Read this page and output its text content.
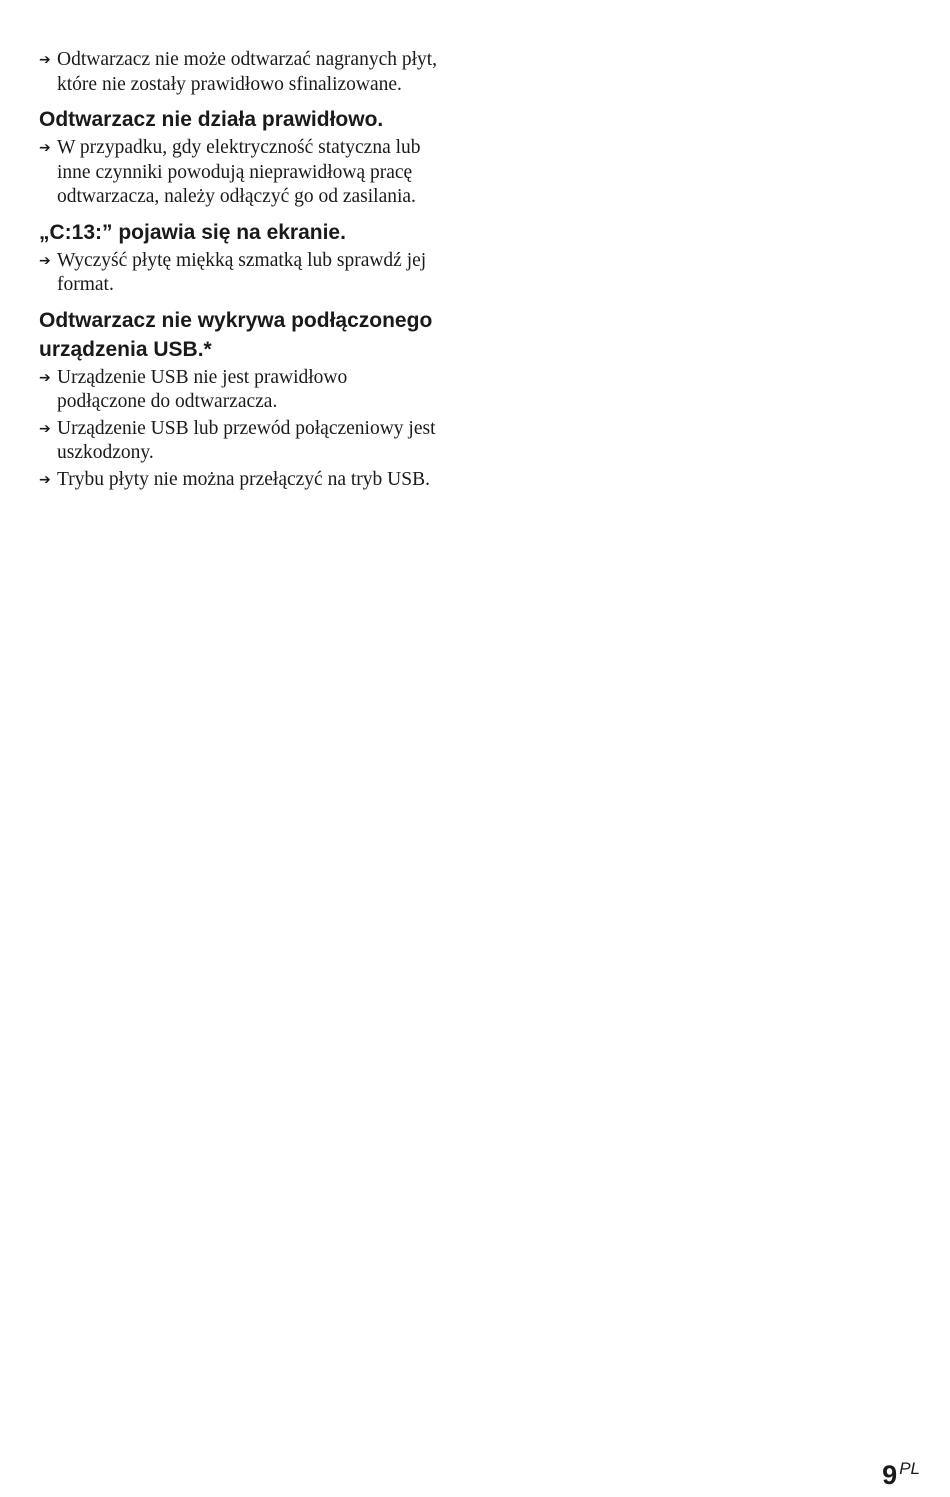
➔ Odtwarzacz nie może odtwarzać nagranych płyt, które nie zostały prawidłowo sfinalizowane.
Odtwarzacz nie działa prawidłowo.
➔ W przypadku, gdy elektryczność statyczna lub inne czynniki powodują nieprawidłową pracę odtwarzacza, należy odłączyć go od zasilania.
„C:13:” pojawia się na ekranie.
➔ Wyczyść płytę miękką szmatką lub sprawdź jej format.
Odtwarzacz nie wykrywa podłączonego urządzenia USB.*
➔ Urządzenie USB nie jest prawidłowo podłączone do odtwarzacza.
➔ Urządzenie USB lub przewód połączeniowy jest uszkodzony.
➔ Trybu płyty nie można przełączyć na tryb USB.
9 PL
